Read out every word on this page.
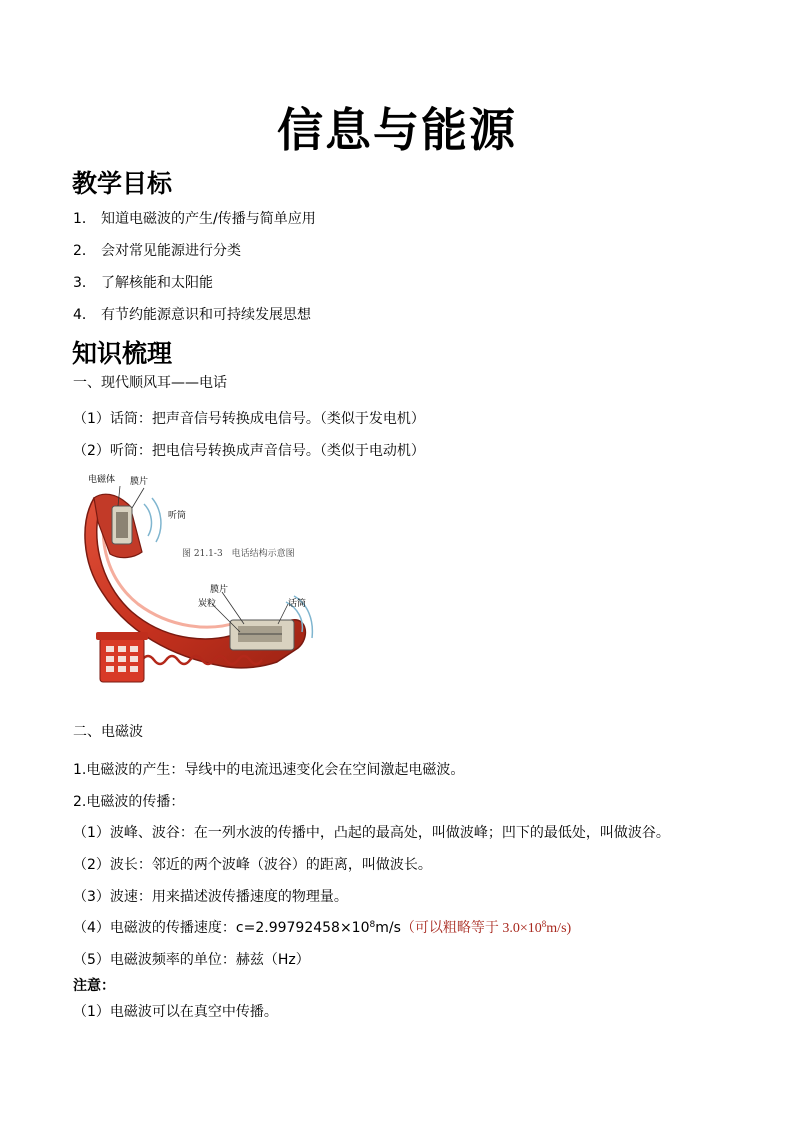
信息与能源
教学目标
1． 知道电磁波的产生/传播与简单应用
2． 会对常见能源进行分类
3． 了解核能和太阳能
4． 有节约能源意识和可持续发展思想
知识梳理
一、现代顺风耳——电话
（1）话筒：把声音信号转换成电信号。（类似于发电机）
（2）听筒：把电信号转换成声音信号。（类似于电动机）
电磁体 膜片
听筒
图 21.1-3　电话结构示意图
膜片
炭粒	话筒
二、电磁波
1.电磁波的产生：导线中的电流迅速变化会在空间激起电磁波。
2.电磁波的传播：
（1）波峰、波谷：在一列水波的传播中，凸起的最高处，叫做波峰；凹下的最低处，叫做波谷。
（2）波长：邻近的两个波峰（波谷）的距离，叫做波长。
（3）波速：用来描述波传播速度的物理量。
（4）电磁波的传播速度：$c=2.99792458\times 10^8m/s$（可以粗略等于 $3.0\times 10^8m/s$)
（5）电磁波频率的单位：赫兹（Hz）
注意：
（1）电磁波可以在真空中传播。
